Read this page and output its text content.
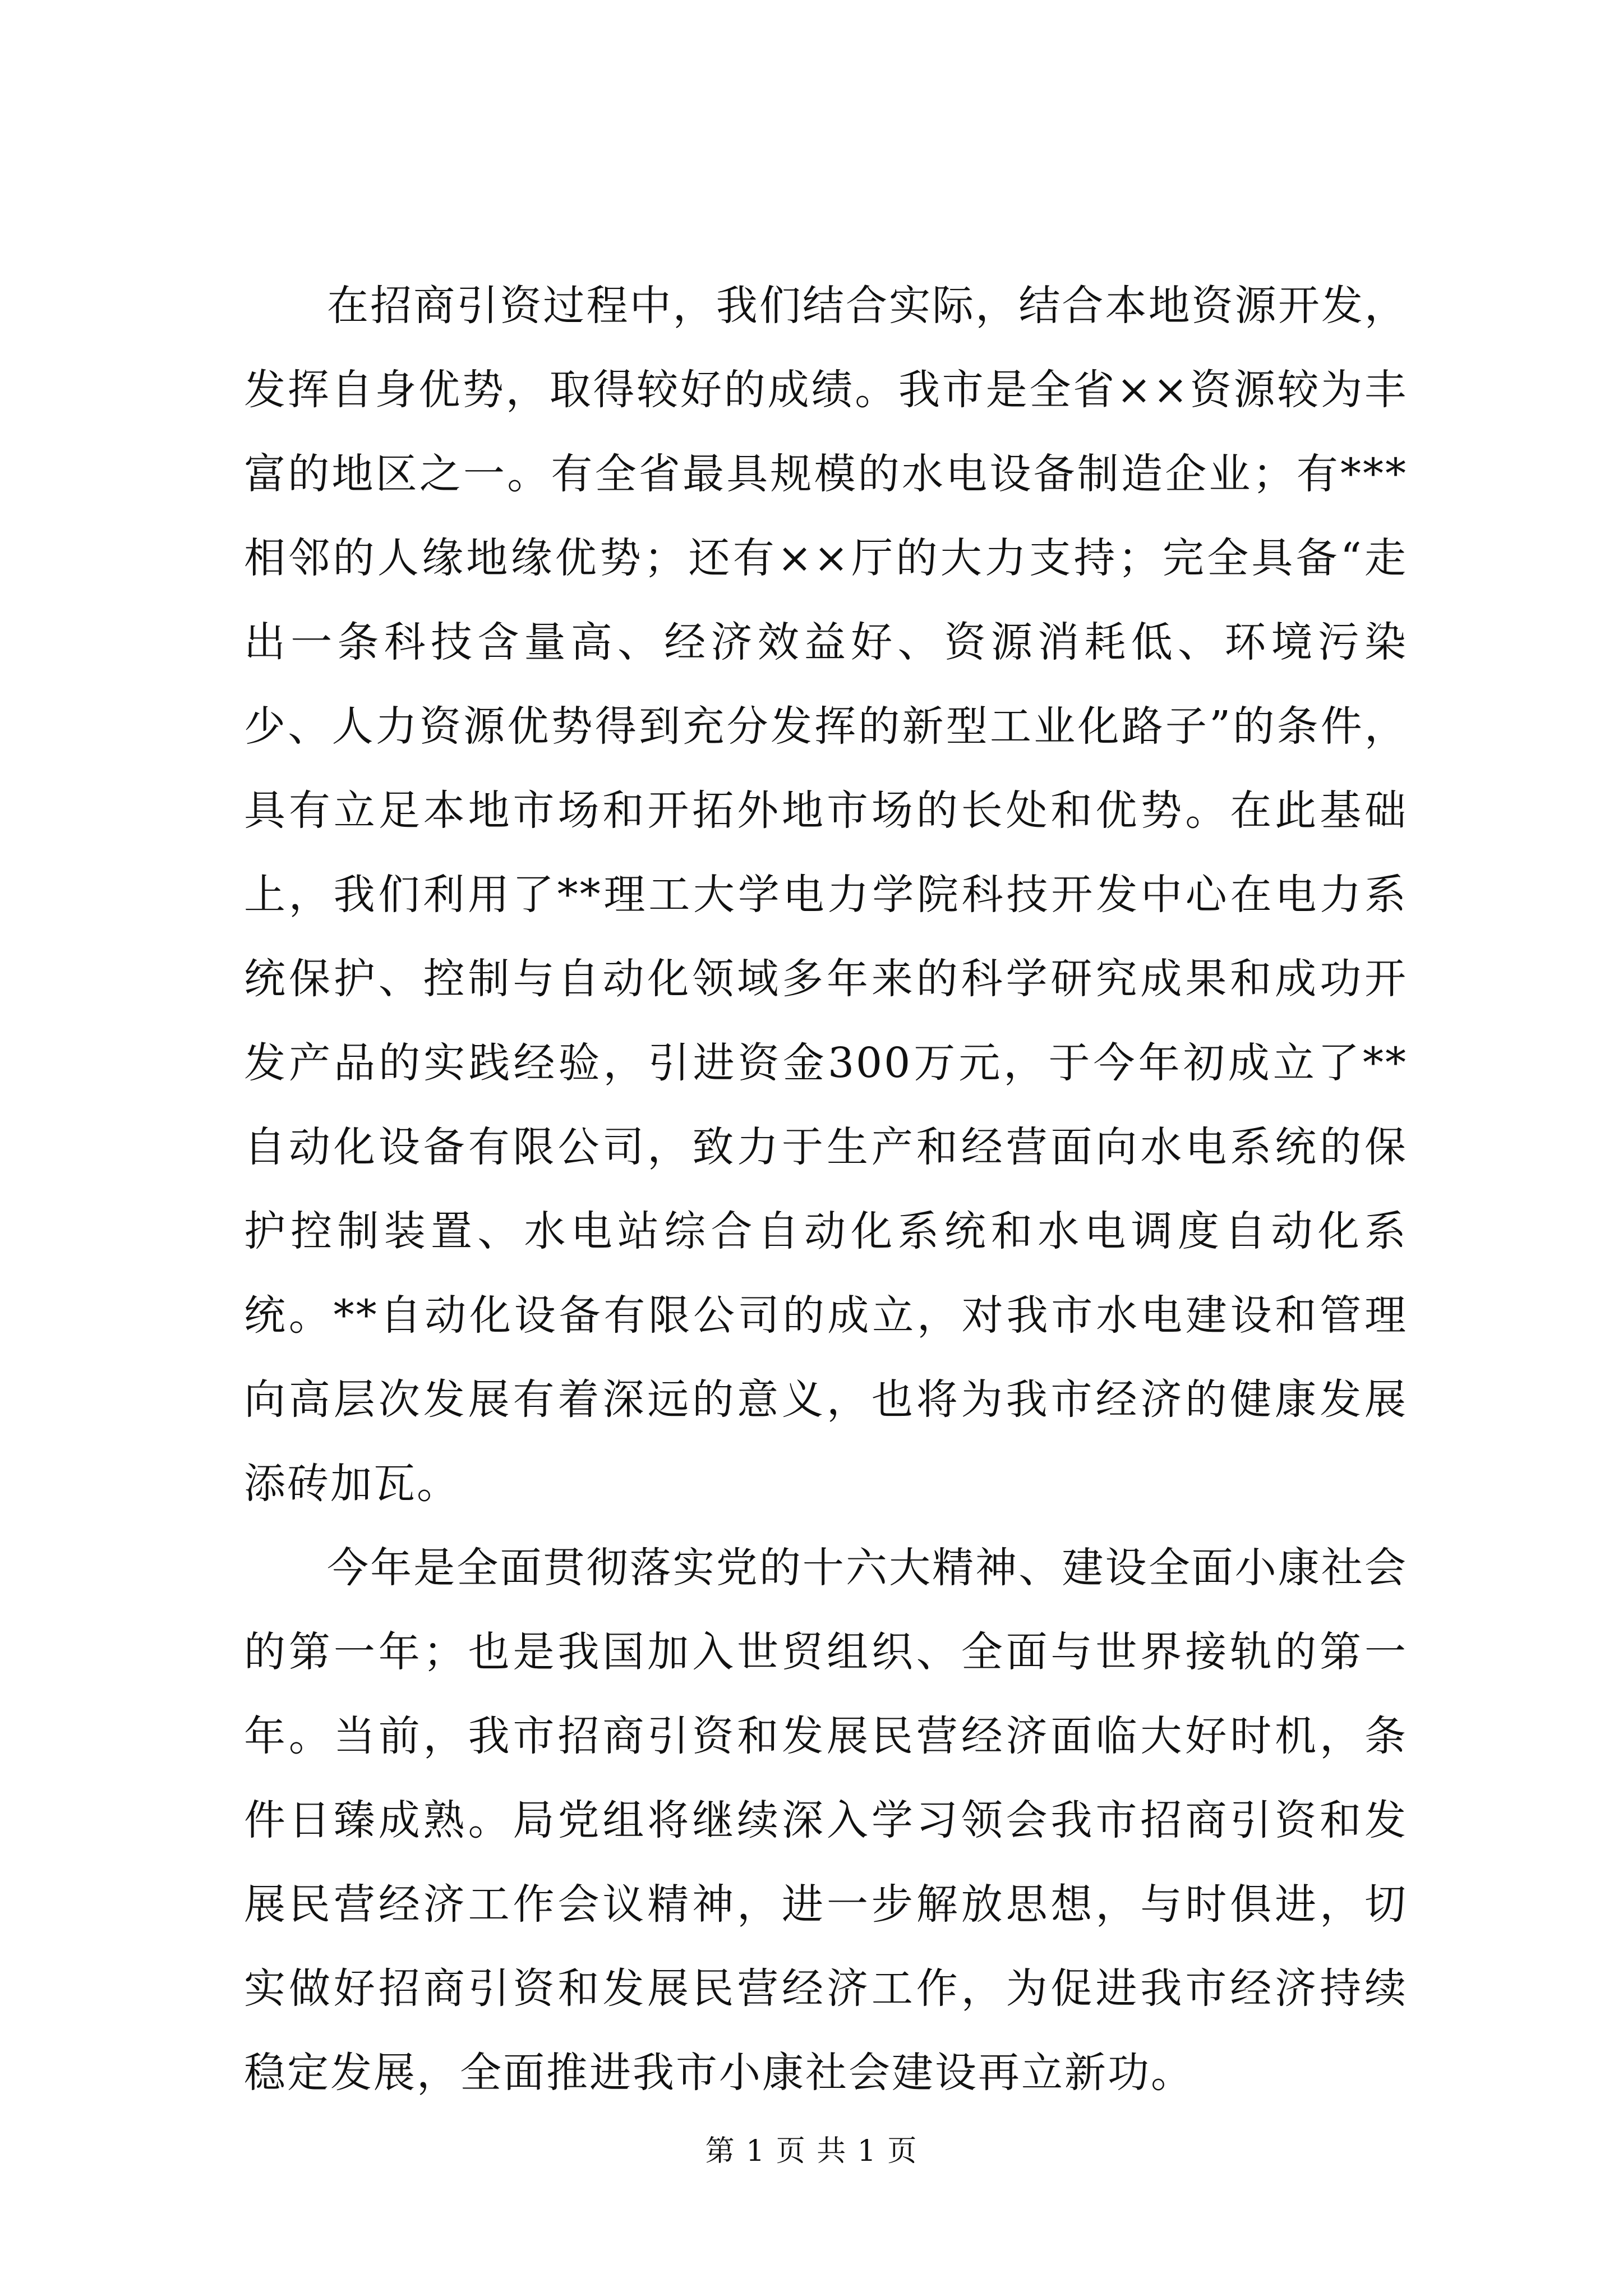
在招商引资过程中，我们结合实际，结合本地资源开发，发挥自身优势，取得较好的成绩。我市是全省××资源较为丰富的地区之一。有全省最具规模的水电设备制造企业；有***相邻的人缘地缘优势；还有××厅的大力支持；完全具备“走出一条科技含量高、经济效益好、资源消耗低、环境污染少、人力资源优势得到充分发挥的新型工业化路子”的条件，具有立足本地市场和开拓外地市场的长处和优势。在此基础上，我们利用了**理工大学电力学院科技开发中心在电力系统保护、控制与自动化领域多年来的科学研究成果和成功开发产品的实践经验，引进资金300万元，于今年初成立了**自动化设备有限公司，致力于生产和经营面向水电系统的保护控制装置、水电站综合自动化系统和水电调度自动化系统。**自动化设备有限公司的成立，对我市水电建设和管理向高层次发展有着深远的意义，也将为我市经济的健康发展添砖加瓦。

今年是全面贯彻落实党的十六大精神、建设全面小康社会的第一年；也是我国加入世贸组织、全面与世界接轨的第一年。当前，我市招商引资和发展民营经济面临大好时机，条件日臻成熟。局党组将继续深入学习领会我市招商引资和发展民营经济工作会议精神，进一步解放思想，与时俱进，切实做好招商引资和发展民营经济工作，为促进我市经济持续稳定发展，全面推进我市小康社会建设再立新功。

第 1 页 共 1 页
